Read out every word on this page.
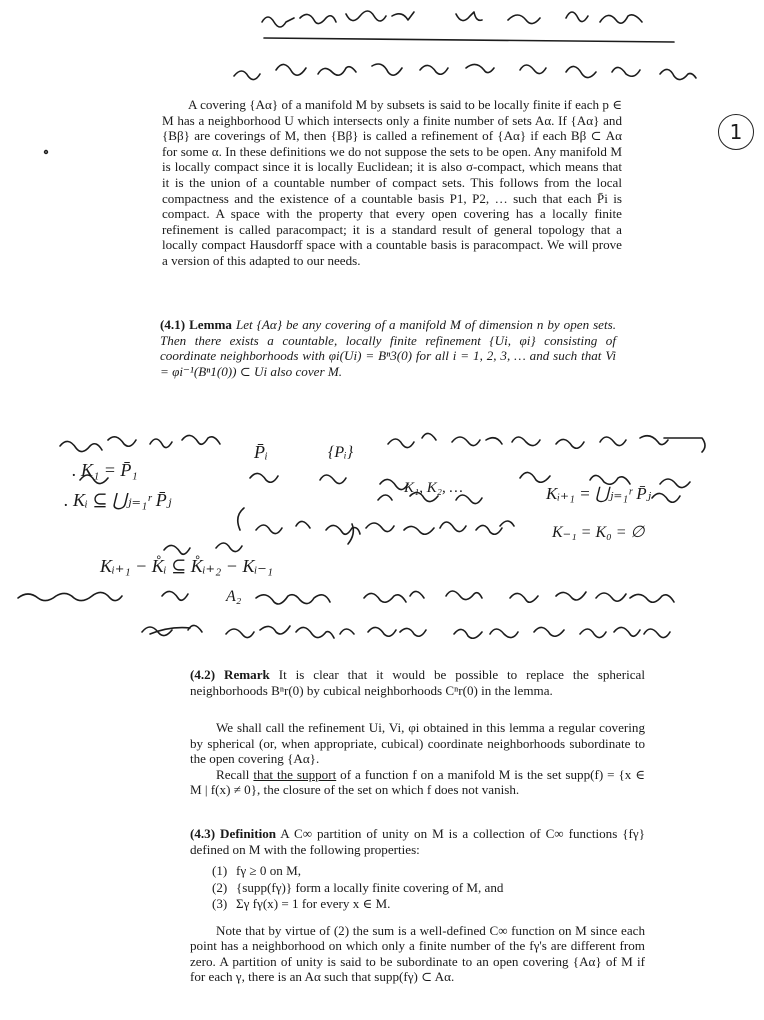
{Pᵢ}
P̄ᵢ
K₁, K₂, …
. K₁ = P̄₁
. Kᵢ ⊆ ⋃ⱼ₌₁ʳ P̄ⱼ	Kᵢ₊₁ = ⋃ⱼ₌₁ʳ P̄ⱼ
K₋₁ = K₀ = ∅
Kᵢ₊₁ − K̊ᵢ ⊆ K̊ᵢ₊₂ − Kᵢ₋₁
A₂
1

A covering {Aα} of a manifold M by subsets is said to be locally finite if each p ∈ M has a neighborhood U which intersects only a finite number of sets Aα. If {Aα} and {Bβ} are coverings of M, then {Bβ} is called a refinement of {Aα} if each Bβ ⊂ Aα for some α. In these definitions we do not suppose the sets to be open. Any manifold M is locally compact since it is locally Euclidean; it is also σ-compact, which means that it is the union of a countable number of compact sets. This follows from the local compactness and the existence of a countable basis P1, P2, … such that each P̄i is compact. A space with the property that every open covering has a locally finite refinement is called paracompact; it is a standard result of general topology that a locally compact Hausdorff space with a countable basis is paracompact. We will prove a version of this adapted to our needs.

(4.1) Lemma Let {Aα} be any covering of a manifold M of dimension n by open sets. Then there exists a countable, locally finite refinement {Ui, φi} consisting of coordinate neighborhoods with φi(Ui) = Bⁿ3(0) for all i = 1, 2, 3, … and such that Vi = φi⁻¹(Bⁿ1(0)) ⊂ Ui also cover M.

(4.2) Remark It is clear that it would be possible to replace the spherical neighborhoods Bⁿr(0) by cubical neighborhoods Cⁿr(0) in the lemma.

We shall call the refinement Ui, Vi, φi obtained in this lemma a regular covering by spherical (or, when appropriate, cubical) coordinate neighborhoods subordinate to the open covering {Aα}.

Recall that the support of a function f on a manifold M is the set supp(f) = {x ∈ M | f(x) ≠ 0}, the closure of the set on which f does not vanish.

(4.3) Definition A C∞ partition of unity on M is a collection of C∞ functions {fγ} defined on M with the following properties:

(1) fγ ≥ 0 on M,
(2) {supp(fγ)} form a locally finite covering of M, and
(3) Σγ fγ(x) = 1 for every x ∈ M.

Note that by virtue of (2) the sum is a well-defined C∞ function on M since each point has a neighborhood on which only a finite number of the fγ's are different from zero. A partition of unity is said to be subordinate to an open covering {Aα} of M if for each γ, there is an Aα such that supp(fγ) ⊂ Aα.
